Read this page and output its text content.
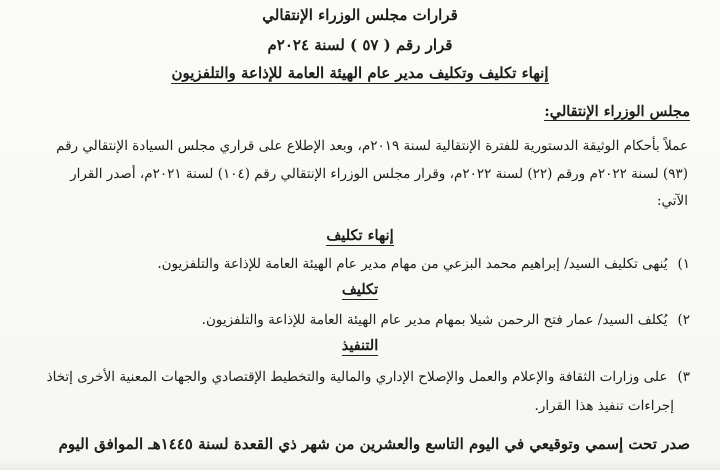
قرارات مجلس الوزراء الإنتقالي
قرار رقم ( ٥٧ ) لسنة ٢٠٢٤م
إنهاء تكليف وتكليف مدير عام الهيئة العامة للإذاعة والتلفزيون
مجلس الوزراء الإنتقالي:
عملاً بأحكام الوثيقة الدستورية للفترة الإنتقالية لسنة ٢٠١٩م، وبعد الإطلاع على قراري مجلس السيادة الإنتقالي رقم
(٩٣) لسنة ٢٠٢٢م ورقم (٢٢) لسنة ٢٠٢٢م، وقرار مجلس الوزراء الإنتقالي رقم (١٠٤) لسنة ٢٠٢١م، أصدر القرار
الآتي:
إنهاء تكليف
١)يُنهى تكليف السيد/ إبراهيم محمد البزعي من مهام مدير عام الهيئة العامة للإذاعة والتلفزيون.
تكليف
٢)يُكلف السيد/ عمار فتح الرحمن شيلا بمهام مدير عام الهيئة العامة للإذاعة والتلفزيون.
التنفيذ
٣)على وزارات الثقافة والإعلام والعمل والإصلاح الإداري والمالية والتخطيط الإقتصادي والجهات المعنية الأخرى إتخاذ
إجراءات تنفيذ هذا القرار.
صدر تحت إسمي وتوقيعي في اليوم التاسع والعشرين من شهر ذي القعدة لسنة ١٤٤٥هـ الموافق اليوم
